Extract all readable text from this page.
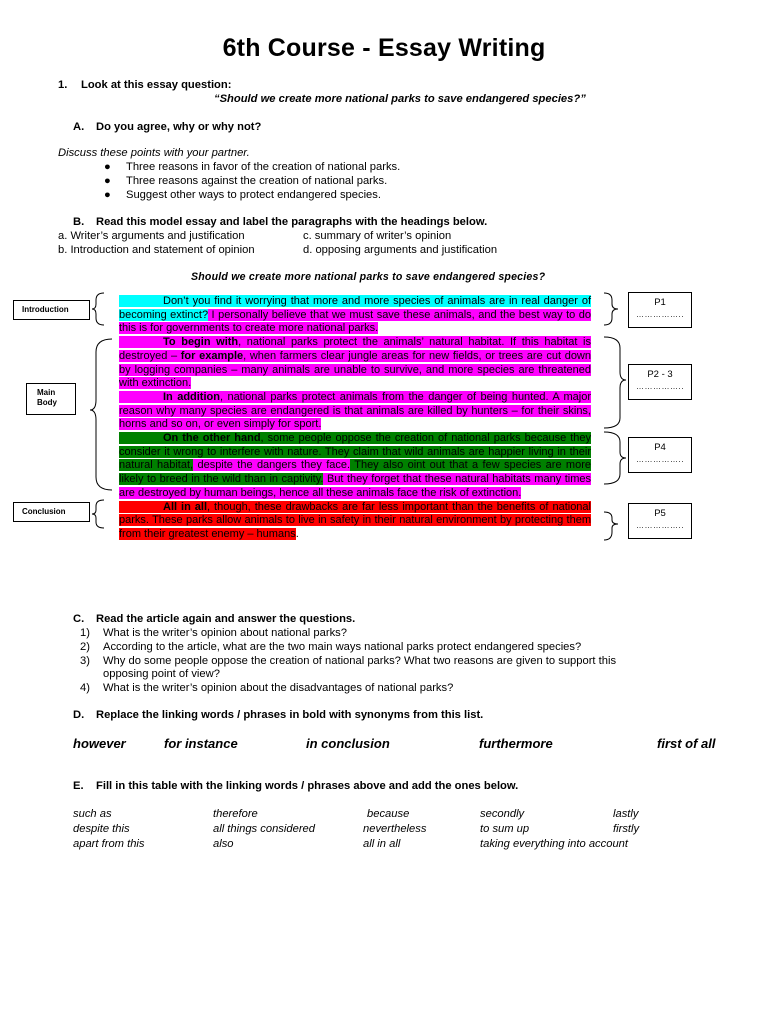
6th Course - Essay Writing
1. Look at this essay question:
“Should we create more national parks to save endangered species?”
A. Do you agree, why or why not?
Discuss these points with your partner.
● Three reasons in favor of the creation of national parks.
● Three reasons against the creation of national parks.
● Suggest other ways to protect endangered species.
B. Read this model essay and label the paragraphs with the headings below.
a. Writer’s arguments and justification	c. summary of writer’s opinion
b. Introduction and statement of opinion	d. opposing arguments and justification
Should we create more national parks to save endangered species?
Introduction
Main Body
Conclusion
P1
……………..
P2 - 3
……………..
P4
……………..
P5
……………..

Don’t you find it worrying that more and more species of animals are in real danger of becoming extinct? I personally believe that we must save these animals, and the best way to do this is for governments to create more national parks.

To begin with, national parks protect the animals’ natural habitat. If this habitat is destroyed – for example, when farmers clear jungle areas for new fields, or trees are cut down by logging companies – many animals are unable to survive, and more species are threatened with extinction.

In addition, national parks protect animals from the danger of being hunted. A major reason why many species are endangered is that animals are killed by hunters – for their skins, horns and so on, or even simply for sport.

On the other hand, some people oppose the creation of national parks because they consider it wrong to interfere with nature. They claim that wild animals are happier living in their natural habitat, despite the dangers they face. They also oint out that a few species are more likely to breed in the wild than in captivity. But they forget that these natural habitats many times are destroyed by human beings, hence all these animals face the risk of extinction.

All in all, though, these drawbacks are far less important than the benefits of national parks. These parks allow animals to live in safety in their natural environment by protecting them from their greatest enemy – humans.

C. Read the article again and answer the questions.
1) What is the writer’s opinion about national parks?
2) According to the article, what are the two main ways national parks protect endangered species?
3) Why do some people oppose the creation of national parks? What two reasons are given to support this
opposing point of view?
4) What is the writer’s opinion about the disadvantages of national parks?
D. Replace the linking words / phrases in bold with synonyms from this list.
however	for instance	in conclusion	furthermore	first of all
E. Fill in this table with the linking words / phrases above and add the ones below.
such as	therefore	because	secondly	lastly
despite this	all things considered	nevertheless	to sum up	firstly
apart from this	also	all in all	taking everything into account
